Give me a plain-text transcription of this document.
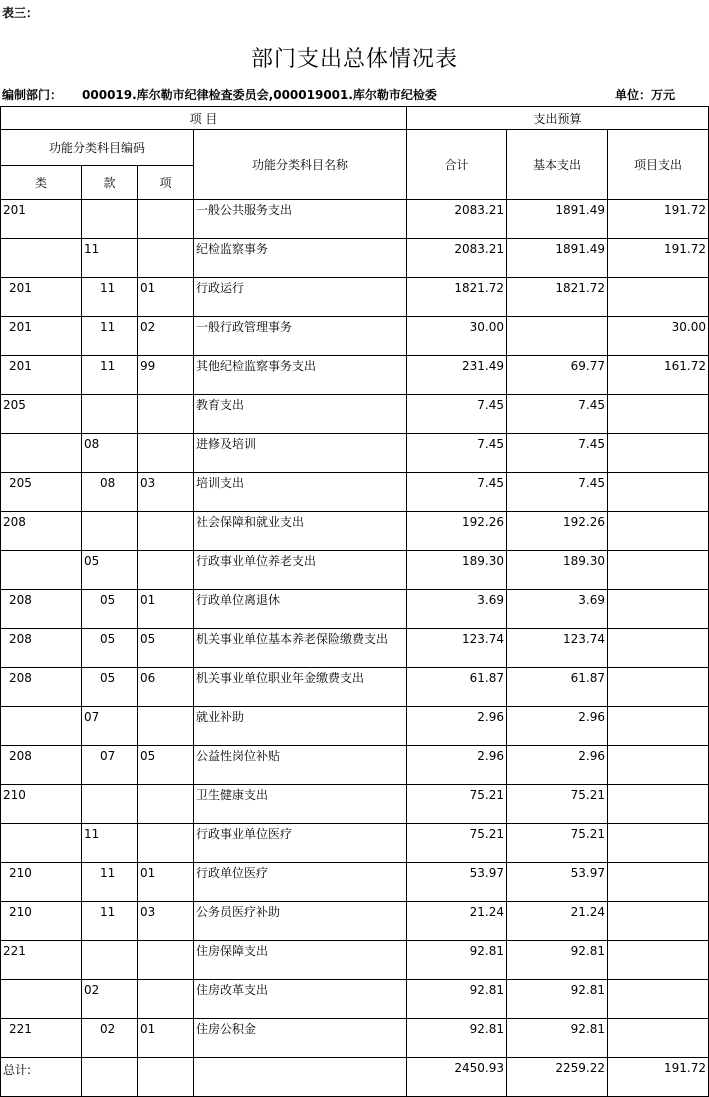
表三：
部门支出总体情况表
编制部门： 000019.库尔勒市纪律检查委员会,000019001.库尔勒市纪检委	单位：万元
项 目				支出预算		
功能分类科目编码			功能分类科目名称	合计	基本支出	项目支出
类	款	项				
201			一般公共服务支出	2083.21	1891.49	191.72
	11		纪检监察事务	2083.21	1891.49	191.72
201	11	01	行政运行	1821.72	1821.72	
201	11	02	一般行政管理事务	30.00		30.00
201	11	99	其他纪检监察事务支出	231.49	69.77	161.72
205			教育支出	7.45	7.45	
	08		进修及培训	7.45	7.45	
205	08	03	培训支出	7.45	7.45	
208			社会保障和就业支出	192.26	192.26	
	05		行政事业单位养老支出	189.30	189.30	
208	05	01	行政单位离退休	3.69	3.69	
208	05	05	机关事业单位基本养老保险缴费支出	123.74	123.74	
208	05	06	机关事业单位职业年金缴费支出	61.87	61.87	
	07		就业补助	2.96	2.96	
208	07	05	公益性岗位补贴	2.96	2.96	
210			卫生健康支出	75.21	75.21	
	11		行政事业单位医疗	75.21	75.21	
210	11	01	行政单位医疗	53.97	53.97	
210	11	03	公务员医疗补助	21.24	21.24	
221			住房保障支出	92.81	92.81	
	02		住房改革支出	92.81	92.81	
221	02	01	住房公积金	92.81	92.81	
总计:				2450.93	2259.22	191.72
